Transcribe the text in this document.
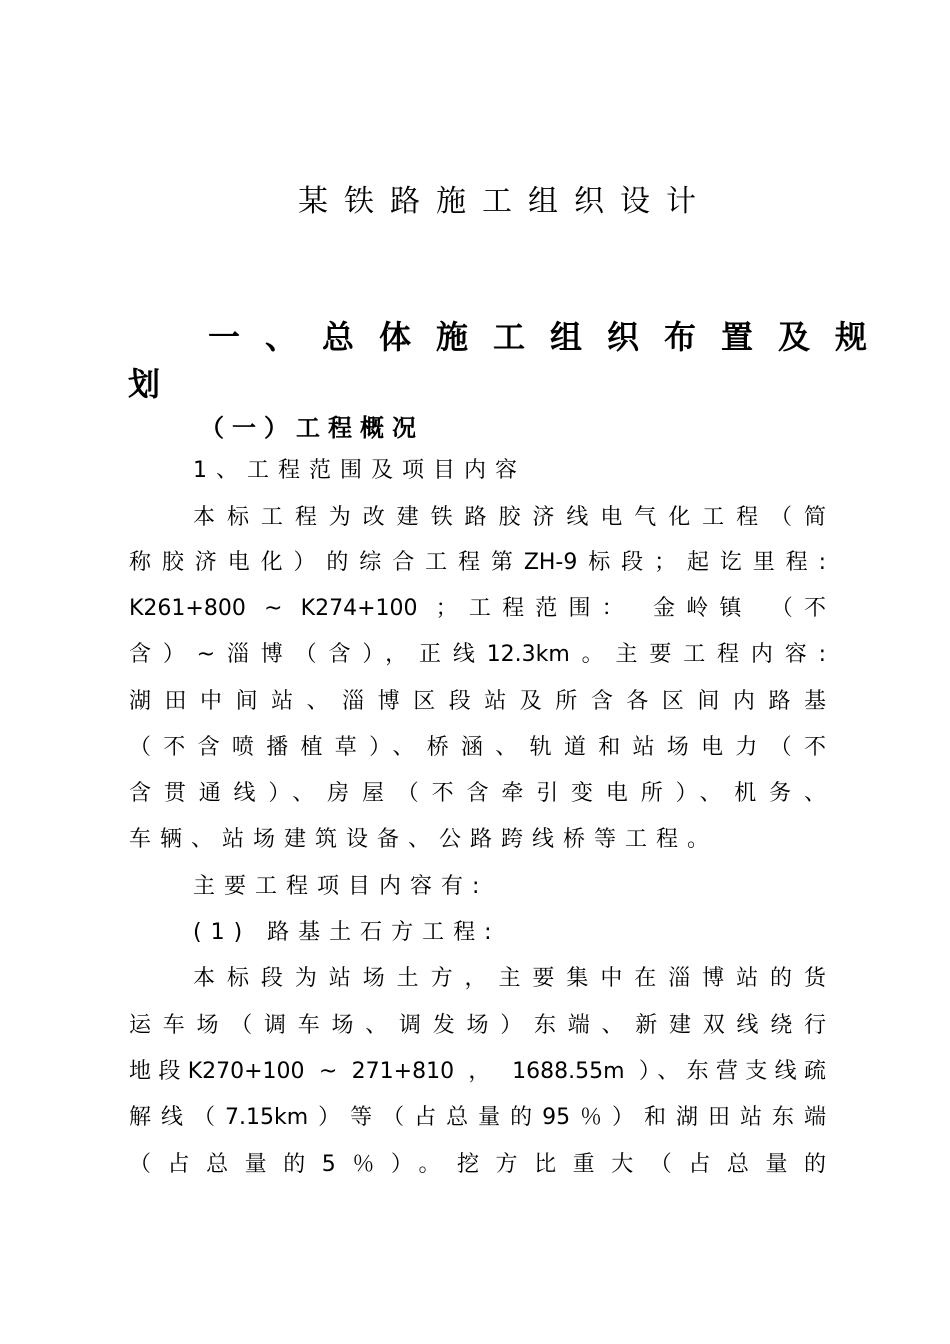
某铁路施工组织设计
一、总体施工组织布置及规
划
（一）工程概况
1、工程范围及项目内容
本标工程为改建铁路胶济线电气化工程（简
称胶济电化）的综合工程第ZH-9标段；起讫里程:
K261+800 ~ K274+100 ；工程范围： 金岭镇 （不
含）~淄博（含），正线12.3km。主要工程内容:
湖田中间站、淄博区段站及所含各区间内路基
（不含喷播植草）、桥涵、轨道和站场电力（不
含贯通线）、房屋（不含牵引变电所）、机务、
车辆、站场建筑设备、公路跨线桥等工程。
主要工程项目内容有:
(1) 路基土石方工程:
本标段为站场土方，主要集中在淄博站的货
运车场（调车场、调发场）东端、新建双线绕行
地段K270+100 ~ 271+810 ， 1688.55m ）、东营支线疏
解线（7.15km）等（占总量的95％）和湖田站东端
（占总量的5％）。挖方比重大（占总量的
